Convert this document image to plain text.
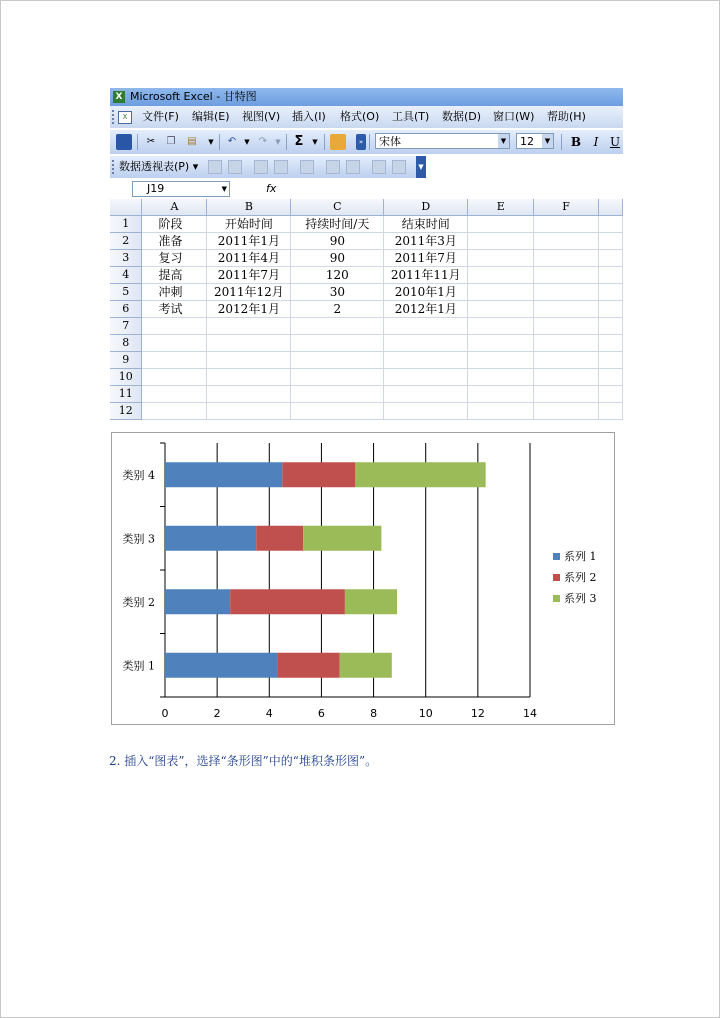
X Microsoft Excel - 甘特图
X	文件(F) 编辑(E) 视图(V) 插入(I) 格式(O) 工具(T) 数据(D) 窗口(W) 帮助(H)
✂	❐	▤	▼	↶	▼ ↷	▼	Σ	▼	»	宋体	▼	12	▼ B	I U
数据透视表(P) ▾	▼
J19	▼	fx
	A	B	C	D	E	F	
1	阶段	开始时间	持续时间/天	结束时间			
2	准备	2011年1月	90	2011年3月			
3	复习	2011年4月	90	2011年7月			
4	提高	2011年7月	120	2011年11月			
5	冲刺	2011年12月	30	2010年1月			
6	考试	2012年1月	2	2012年1月			
7							
8							
9							
10							
11							
12							
0	2	4	6	8	10	12	14
类别 1
类别 2
类别 3
类别 4
系列 1
系列 2
系列 3
2. 插入“图表”，选择“条形图”中的“堆积条形图”。
